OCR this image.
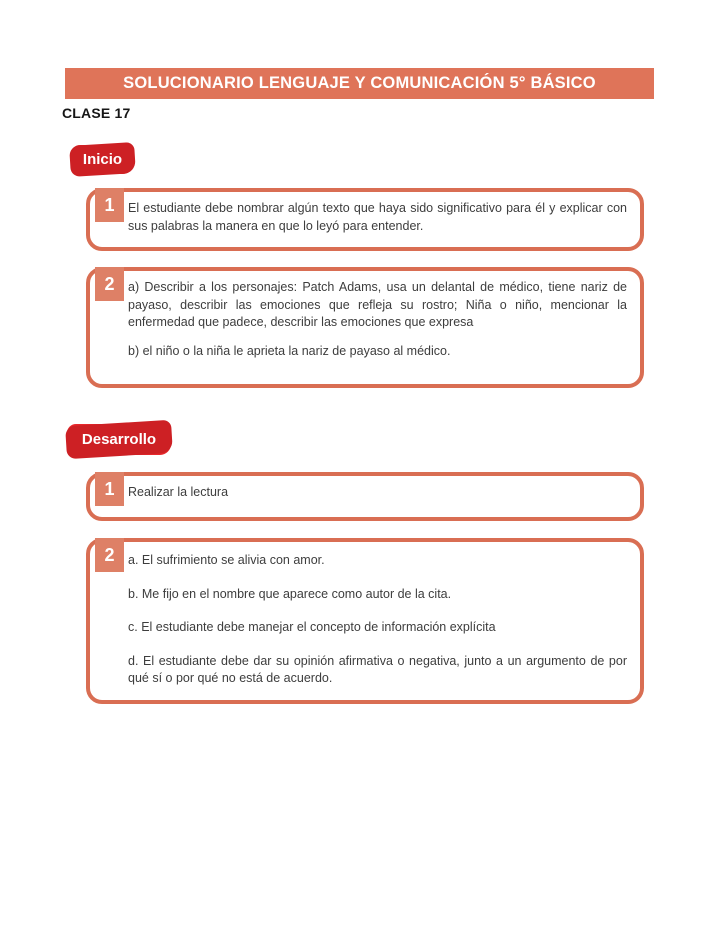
SOLUCIONARIO LENGUAJE Y COMUNICACIÓN 5° BÁSICO
CLASE 17
Inicio
1	El estudiante debe nombrar algún texto que haya sido significativo para él y explicar con sus palabras la manera en que lo leyó para entender.

2	a) Describir a los personajes: Patch Adams, usa un delantal de médico, tiene nariz de payaso, describir las emociones que refleja su rostro; Niña o niño, mencionar la enfermedad que padece, describir las emociones que expresa

b) el niño o la niña le aprieta la nariz de payaso al médico.

Desarrollo
1	Realizar la lectura

2	a. El sufrimiento se alivia con amor.

b. Me fijo en el nombre que aparece como autor de la cita.

c. El estudiante debe manejar el concepto de información explícita

d. El estudiante debe dar su opinión afirmativa o negativa, junto a un argumento de por qué sí o por qué no está de acuerdo.
